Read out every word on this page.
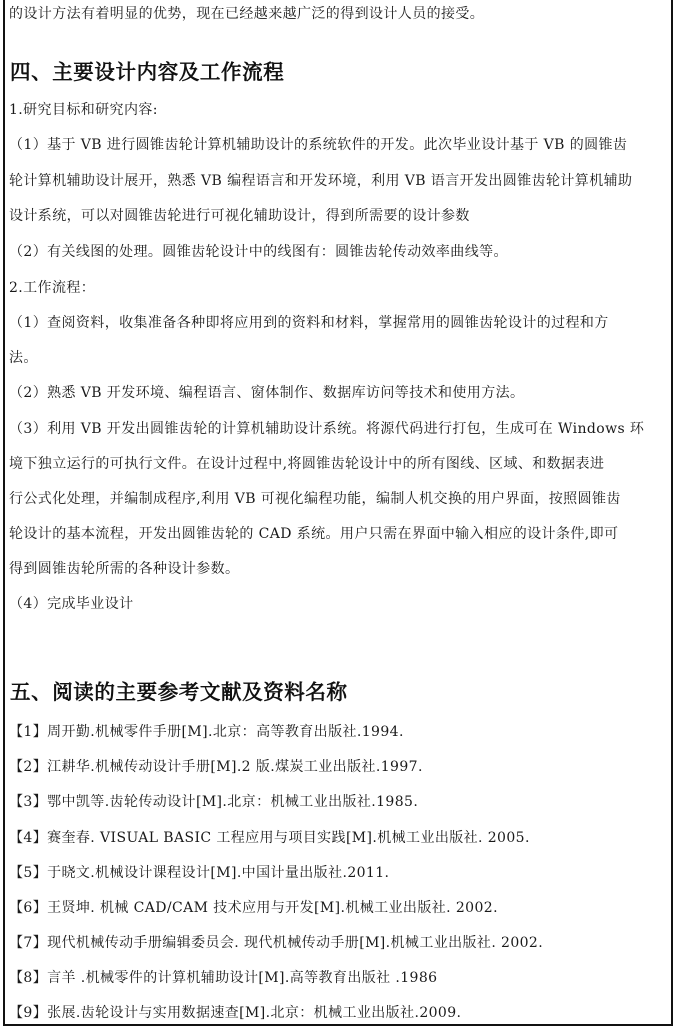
的设计方法有着明显的优势，现在已经越来越广泛的得到设计人员的接受。
四、主要设计内容及工作流程
1.研究目标和研究内容:
（1）基于 VB 进行圆锥齿轮计算机辅助设计的系统软件的开发。此次毕业设计基于 VB 的圆锥齿
轮计算机辅助设计展开，熟悉 VB 编程语言和开发环境，利用 VB 语言开发出圆锥齿轮计算机辅助
设计系统，可以对圆锥齿轮进行可视化辅助设计，得到所需要的设计参数
（2）有关线图的处理。圆锥齿轮设计中的线图有：圆锥齿轮传动效率曲线等。
2.工作流程：
（1）查阅资料，收集准备各种即将应用到的资料和材料，掌握常用的圆锥齿轮设计的过程和方
法。
（2）熟悉 VB 开发环境、编程语言、窗体制作、数据库访问等技术和使用方法。
（3）利用 VB 开发出圆锥齿轮的计算机辅助设计系统。将源代码进行打包，生成可在 Windows 环
境下独立运行的可执行文件。在设计过程中,将圆锥齿轮设计中的所有图线、区域、和数据表进
行公式化处理，并编制成程序,利用 VB 可视化编程功能，编制人机交换的用户界面，按照圆锥齿
轮设计的基本流程，开发出圆锥齿轮的 CAD 系统。用户只需在界面中输入相应的设计条件,即可
得到圆锥齿轮所需的各种设计参数。
（4）完成毕业设计
五、阅读的主要参考文献及资料名称
【1】周开勤.机械零件手册[M].北京：高等教育出版社.1994.
【2】江耕华.机械传动设计手册[M].2 版.煤炭工业出版社.1997.
【3】鄂中凯等.齿轮传动设计[M].北京：机械工业出版社.1985.
【4】赛奎春. VISUAL BASIC 工程应用与项目实践[M].机械工业出版社. 2005.
【5】于晓文.机械设计课程设计[M].中国计量出版社.2011.
【6】王贤坤. 机械 CAD/CAM 技术应用与开发[M].机械工业出版社. 2002.
【7】现代机械传动手册编辑委员会. 现代机械传动手册[M].机械工业出版社. 2002.
【8】言羊 .机械零件的计算机辅助设计[M].高等教育出版社 .1986
【9】张展.齿轮设计与实用数据速查[M].北京：机械工业出版社.2009.
